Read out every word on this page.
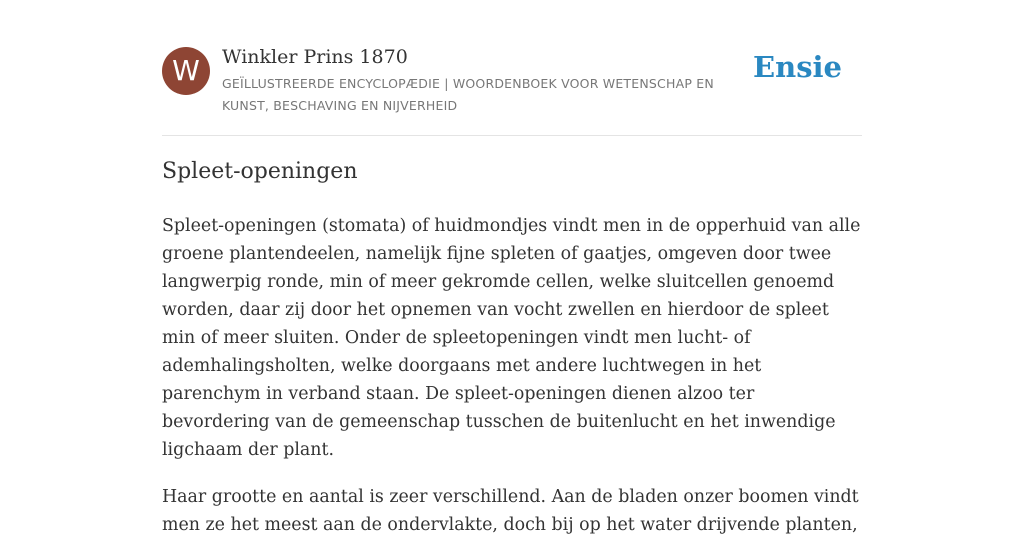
W	Winkler Prins 1870
GEÏLLUSTREERDE ENCYCLOPÆDIE | WOORDENBOEK VOOR WETENSCHAP EN KUNST, BESCHAVING EN NIJVERHEID
Ensie
Spleet-openingen

Spleet-openingen (stomata) of huidmondjes vindt men in de opperhuid van alle groene plantendeelen, namelijk fijne spleten of gaatjes, omgeven door twee langwerpig ronde, min of meer gekromde cellen, welke sluitcellen genoemd worden, daar zij door het opnemen van vocht zwellen en hierdoor de spleet min of meer sluiten. Onder de spleetopeningen vindt men lucht- of ademhalingsholten, welke doorgaans met andere luchtwegen in het parenchym in verband staan. De spleet-openingen dienen alzoo ter bevordering van de gemeenschap tusschen de buitenlucht en het inwendige ligchaam der plant.

Haar grootte en aantal is zeer verschillend. Aan de bladen onzer boomen vindt men ze het meest aan de ondervlakte, doch bij op het water drijvende planten,
